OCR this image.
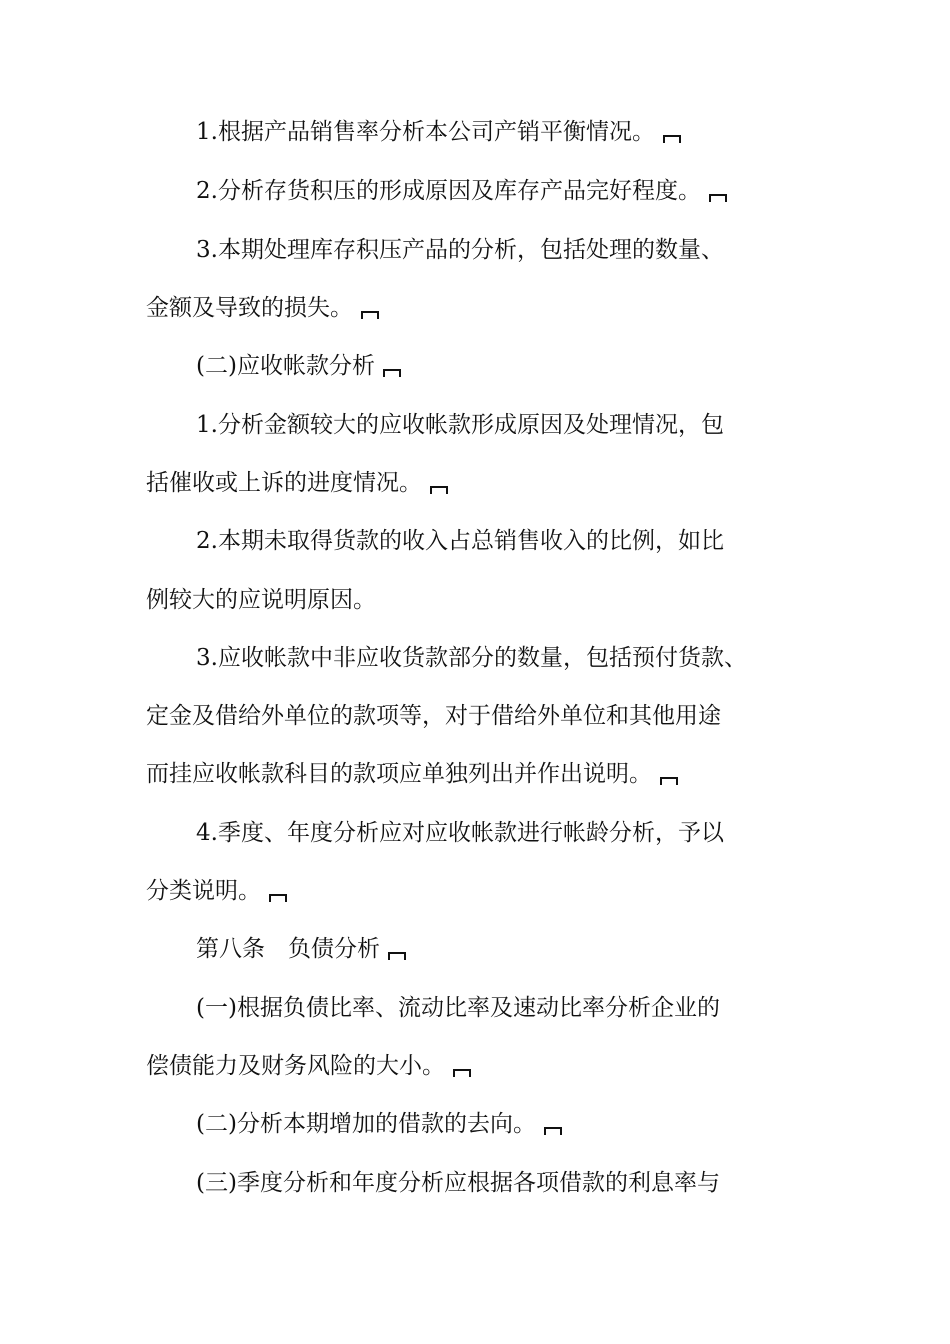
1.根据产品销售率分析本公司产销平衡情况。
2.分析存货积压的形成原因及库存产品完好程度。
3.本期处理库存积压产品的分析，包括处理的数量、
金额及导致的损失。
(二)应收帐款分析
1.分析金额较大的应收帐款形成原因及处理情况，包
括催收或上诉的进度情况。
2.本期未取得货款的收入占总销售收入的比例，如比
例较大的应说明原因。
3.应收帐款中非应收货款部分的数量，包括预付货款、
定金及借给外单位的款项等，对于借给外单位和其他用途
而挂应收帐款科目的款项应单独列出并作出说明。
4.季度、年度分析应对应收帐款进行帐龄分析，予以
分类说明。
第八条　负债分析
(一)根据负债比率、流动比率及速动比率分析企业的
偿债能力及财务风险的大小。
(二)分析本期增加的借款的去向。
(三)季度分析和年度分析应根据各项借款的利息率与
